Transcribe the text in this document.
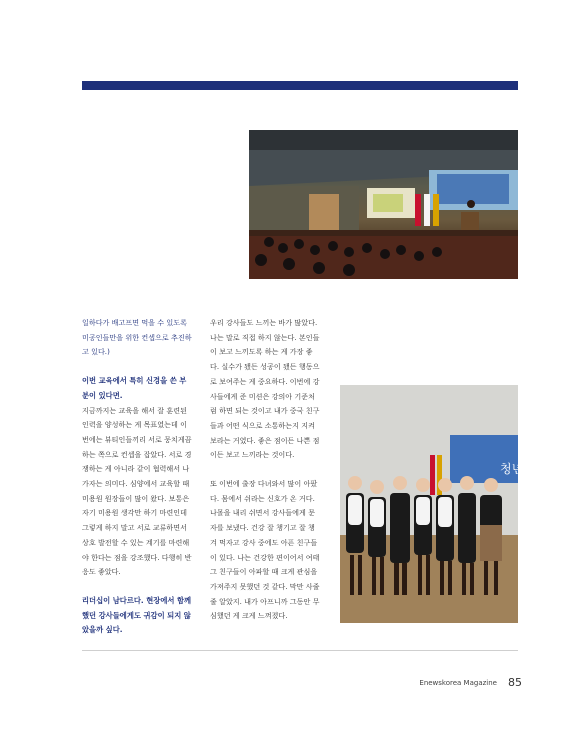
청년

일하다가 배고프면 먹을 수 있도록 미공인들만을 위한 컨셉으로 추진하고 있다.)

이번 교육에서 특히 신경을 쓴 부분이 있다면.

지금까지는 교육을 해서 잘 훈련된 인력을 양성하는 게 목표였는데 이번에는 뷰티인들끼리 서로 뭉치게끔 하는 쪽으로 컨셉을 잡았다. 서로 경쟁하는 게 아니라 같이 협력해서 나가자는 의미다. 심양에서 교육할 때 미용원 원장들이 많이 왔다. 보통은 자기 미용원 생각만 하기 마련인데 그렇게 하지 말고 서로 교류하면서 상호 발전할 수 있는 계기를 마련해야 한다는 점을 강조했다. 다행히 반응도 좋았다.

리더십이 남다르다. 현장에서 함께했던 강사들에게도 귀감이 되지 않았을까 싶다.

우리 강사들도 느끼는 바가 많았다. 나는 말로 직접 하지 않는다. 본인들이 보고 느끼도록 하는 게 가장 좋다. 실수가 됐든 성공이 됐든 행동으로 보여주는 게 중요하다. 이번에 강사들에게 준 미션은 강의아 기준처럼 하면 되는 것이고 내가 중국 친구들과 어떤 식으로 소통하는지 지켜보라는 거였다. 좋은 점이든 나쁜 점이든 보고 느끼라는 것이다.

또 이번에 출장 다녀와서 많이 아팠다. 몸에서 쉬라는 신호가 온 거다. 나몰을 내리 쉬면서 강사들에게 문자를 보냈다. 건강 잘 챙기고 잘 챙겨 먹자고 강사 중에도 아픈 친구들이 있다. 나는 건강한 편이어서 여태 그 친구들이 아파할 때 크게 관심을 가져주지 못했던 것 같다. 막만 사줄 줄 알았지. 내가 아프니까 그동안 무심했던 게 크게 느껴졌다.

Enewskorea Magazine 85
